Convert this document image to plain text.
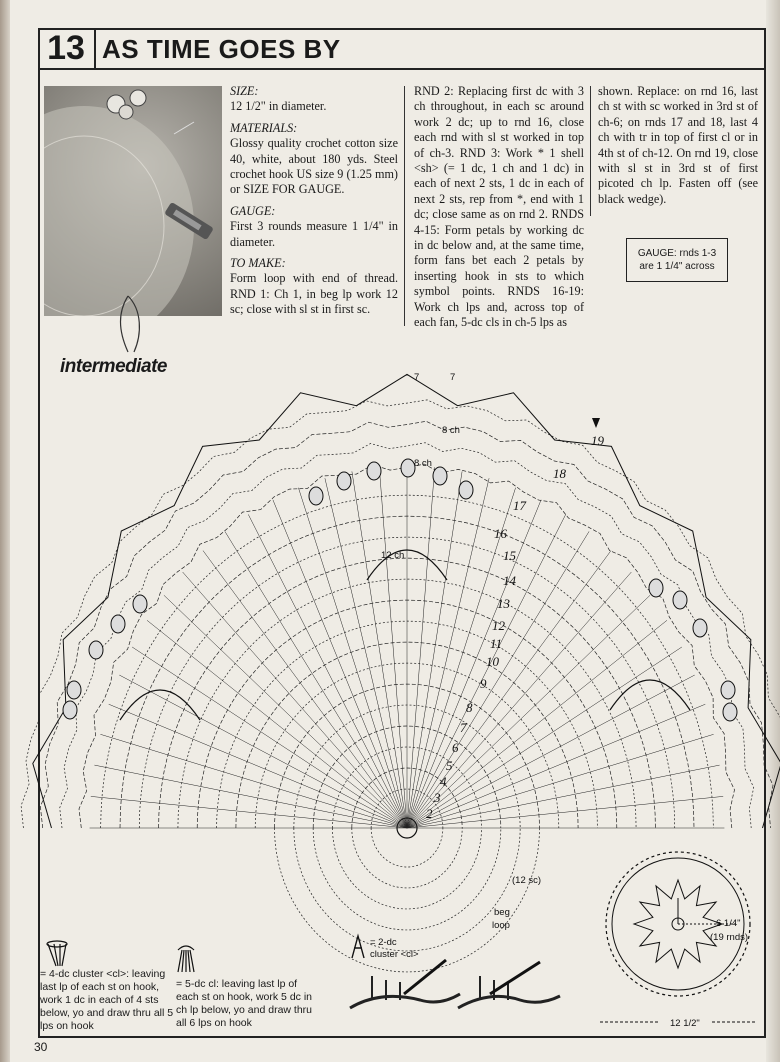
13 AS TIME GOES BY
SIZE:

12 1/2" in diameter.

MATERIALS:

Glossy quality crochet cotton size 40, white, about 180 yds. Steel crochet hook US size 9 (1.25 mm) or SIZE FOR GAUGE.

GAUGE:

First 3 rounds measure 1 1/4" in diameter.

TO MAKE:

Form loop with end of thread. RND 1: Ch 1, in beg lp work 12 sc; close with sl st in first sc.

RND 2: Replacing first dc with 3 ch throughout, in each sc around work 2 dc; up to rnd 16, close each rnd with sl st worked in top of ch-3. RND 3: Work * 1 shell <sh> (= 1 dc, 1 ch and 1 dc) in each of next 2 sts, 1 dc in each of next 2 sts, rep from *, end with 1 dc; close same as on rnd 2. RNDS 4-15: Form petals by working dc in dc below and, at the same time, form fans bet each 2 petals by inserting hook in sts to which symbol points. RNDS 16-19: Work ch lps and, across top of each fan, 5-dc cls in ch-5 lps as

shown. Replace: on rnd 16, last ch st with sc worked in 3rd st of ch-6; on rnds 17 and 18, last 4 ch with tr in top of first cl or in 4th st of ch-12. On rnd 19, close with sl st in 3rd st of first picoted ch lp. Fasten off (see black wedge).

GAUGE: rnds 1-3
are 1 1/4" across
intermediate
8 ch
8 ch
12 ch
(12 sc)
beg
loop
= 2-dc
cluster <cl>
7	7
19
18
17
16
15
14
13
12
11
10
9
8
7
6
5
4
3
2
6 1/4"
(19 rnds)
12 1/2"
= 4-dc cluster <cl>: leaving last lp of each st on hook, work 1 dc in each of 4 sts below, yo and draw thru all 5 lps on hook
= 5-dc cl: leaving last lp of each st on hook, work 5 dc in ch lp below, yo and draw thru all 6 lps on hook
30
